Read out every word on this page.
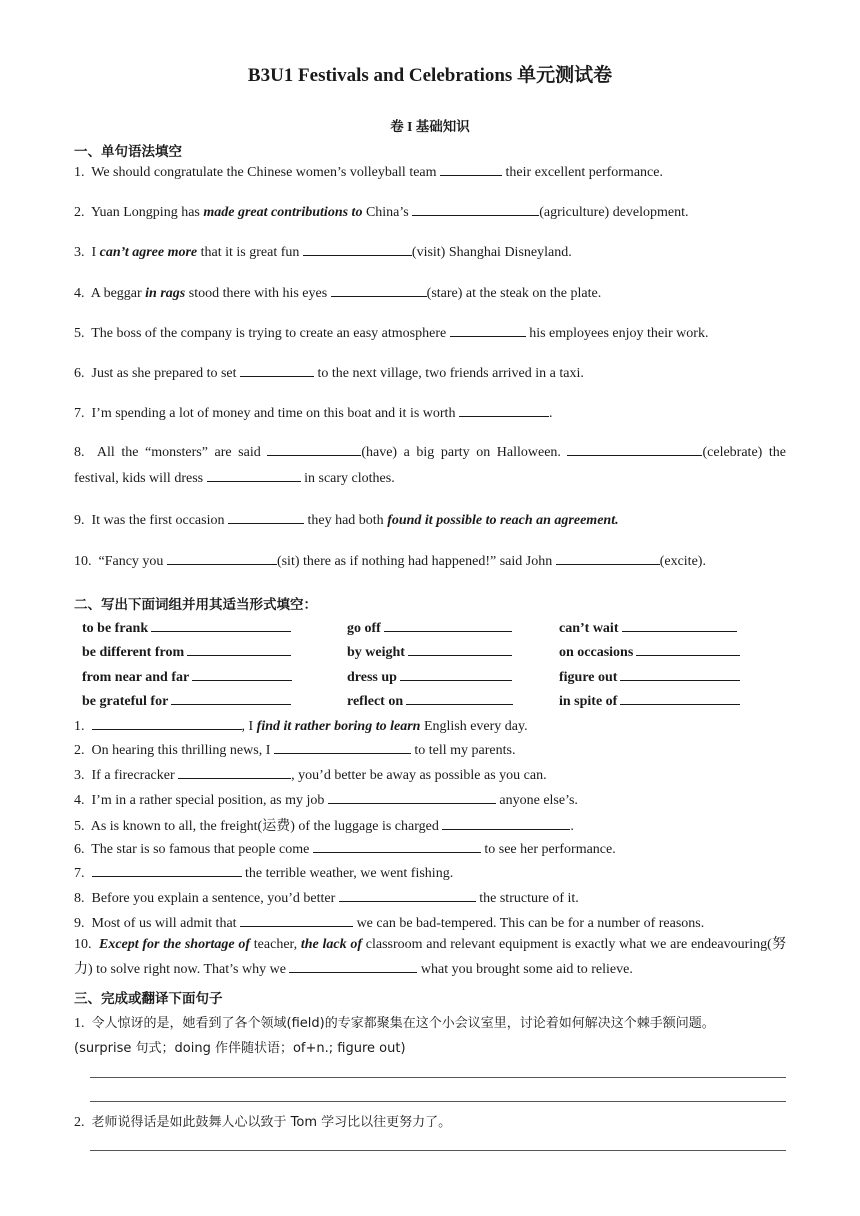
B3U1 Festivals and Celebrations 单元测试卷
卷 I 基础知识
一、单句语法填空
1. We should congratulate the Chinese women’s volleyball team	their excellent performance.
2. Yuan Longping has made great contributions to China’s	(agriculture) development.
3. I can’t agree more that it is great fun	(visit) Shanghai Disneyland.
4. A beggar in rags stood there with his eyes	(stare) at the steak on the plate.
5. The boss of the company is trying to create an easy atmosphere	his employees enjoy their work.
6. Just as she prepared to set	to the next village, two friends arrived in a taxi.
7. I’m spending a lot of money and time on this boat and it is worth	.
8. All the “monsters” are said	(have) a big party on Halloween.	(celebrate) the festival, kids will dress	in scary clothes.
9. It was the first occasion	they had both found it possible to reach an agreement.
10. “Fancy you	(sit) there as if nothing had happened!” said John	(excite).
二、写出下面词组并用其适当形式填空：
to be frank	go off	can’t wait
be different from	by weight	on occasions
from near and far	dress up	figure out
be grateful for	reflect on	in spite of
1.	, I find it rather boring to learn English every day.
2. On hearing this thrilling news, I	to tell my parents.
3. If a firecracker	, you’d better be away as possible as you can.
4. I’m in a rather special position, as my job	anyone else’s.
5. As is known to all, the freight(运费) of the luggage is charged	.
6. The star is so famous that people come	to see her performance.
7.	the terrible weather, we went fishing.
8. Before you explain a sentence, you’d better	the structure of it.
9. Most of us will admit that	we can be bad-tempered. This can be for a number of reasons.
10. Except for the shortage of teacher, the lack of classroom and relevant equipment is exactly what we are endeavouring(努力) to solve right now. That’s why we	what you brought some aid to relieve.
三、完成或翻译下面句子
1. 令人惊讶的是，她看到了各个领域(field)的专家都聚集在这个小会议室里，讨论着如何解决这个棘手额问题。
(surprise 句式；doing 作伴随状语；of+n.; figure out)
2. 老师说得话是如此鼓舞人心以致于 Tom 学习比以往更努力了。
